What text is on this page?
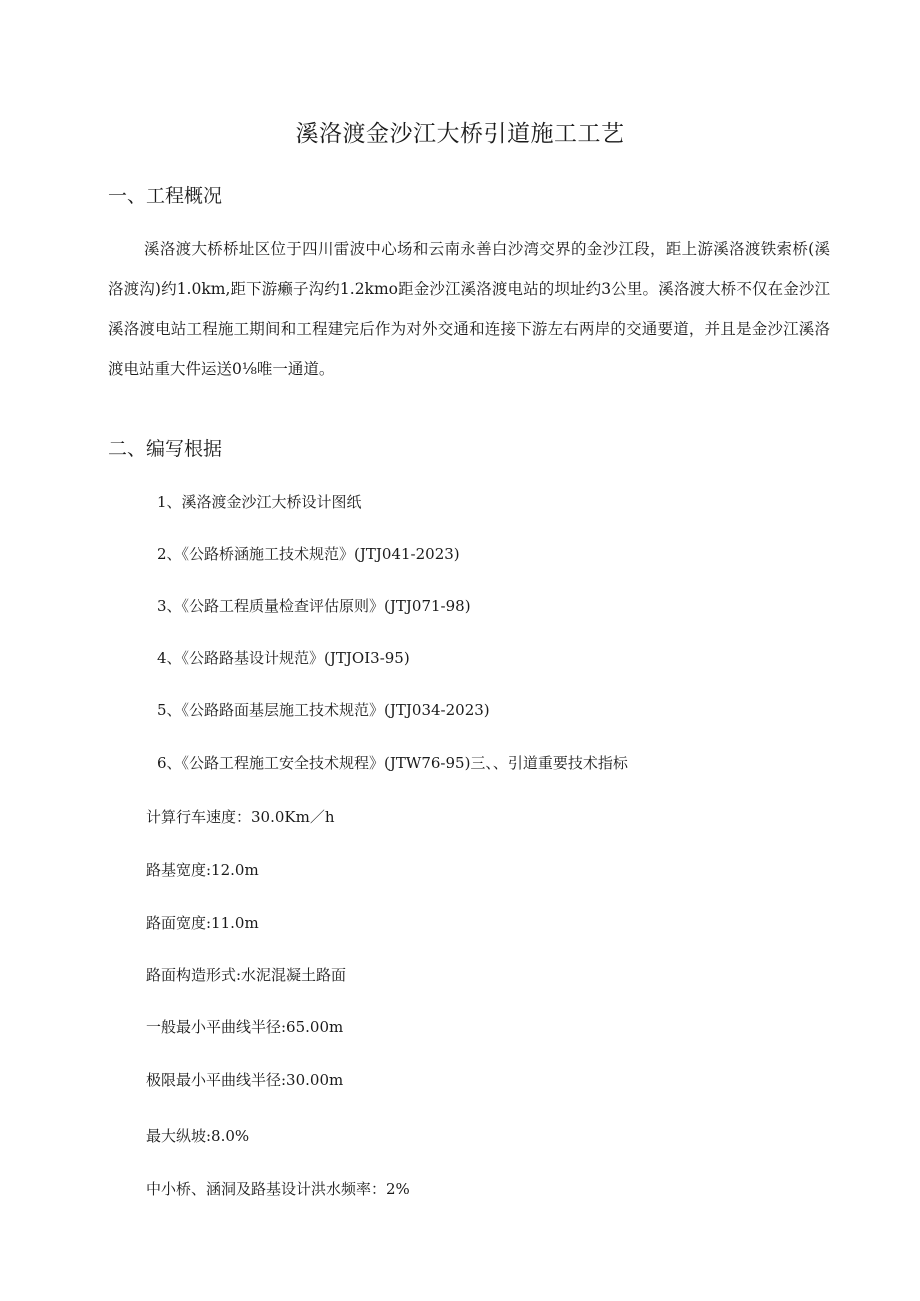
溪洛渡金沙江大桥引道施工工艺
一、工程概况
溪洛渡大桥桥址区位于四川雷波中心场和云南永善白沙湾交界的金沙江段，距上游溪洛渡铁索桥(溪洛渡沟)约1.0km,距下游癞子沟约1.2kmo距金沙江溪洛渡电站的坝址约3公里。溪洛渡大桥不仅在金沙江溪洛渡电站工程施工期间和工程建完后作为对外交通和连接下游左右两岸的交通要道，并且是金沙江溪洛渡电站重大件运送0⅛唯一通道。
二、编写根据
1、溪洛渡金沙江大桥设计图纸
2、《公路桥涵施工技术规范》(JTJ041-2023)
3、《公路工程质量检查评估原则》(JTJ071-98)
4、《公路路基设计规范》(JTJOI3-95)
5、《公路路面基层施工技术规范》(JTJ034-2023)
6、《公路工程施工安全技术规程》(JTW76-95)三、、引道重要技术指标
计算行车速度：30.0Km／h
路基宽度:12.0m
路面宽度:11.0m
路面构造形式:水泥混凝土路面
一般最小平曲线半径:65.00m
极限最小平曲线半径:30.00m
最大纵坡:8.0%
中小桥、涵洞及路基设计洪水频率：2%
